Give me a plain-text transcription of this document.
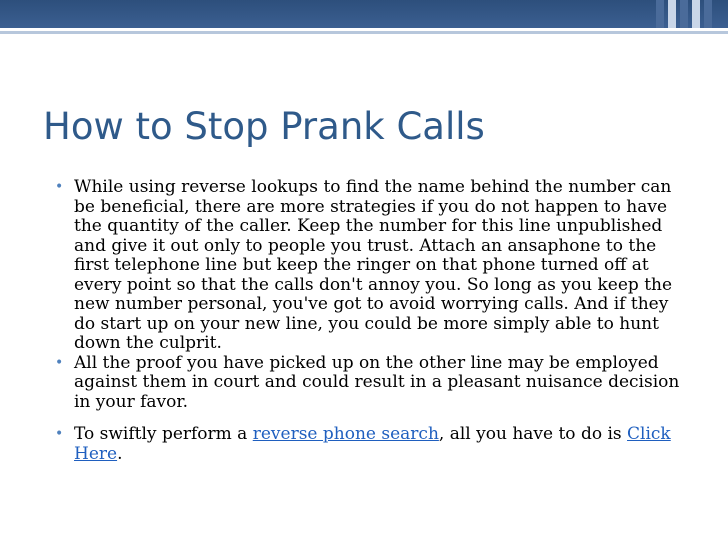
How to Stop Prank Calls
• While using reverse lookups to find the name behind the number can be beneficial, there are more strategies if you do not happen to have the quantity of the caller. Keep the number for this line unpublished and give it out only to people you trust. Attach an ansaphone to the first telephone line but keep the ringer on that phone turned off at every point so that the calls don't annoy you. So long as you keep the new number personal, you've got to avoid worrying calls. And if they do start up on your new line, you could be more simply able to hunt down the culprit.
• All the proof you have picked up on the other line may be employed against them in court and could result in a pleasant nuisance decision in your favor.
• To swiftly perform a reverse phone search, all you have to do is Click Here.
